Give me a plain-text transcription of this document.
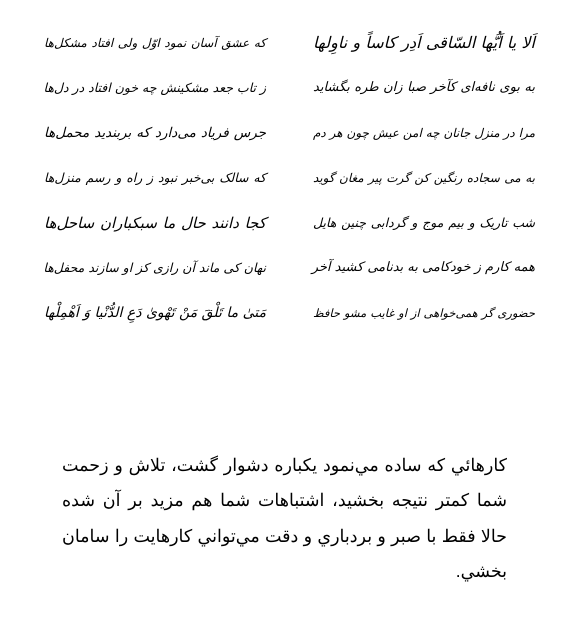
اَلا یا اَیُّها السّاقی اَدِر کاساً و ناوِلها
که عشق آسان نمود اوّل ولی افتاد مشکل‌ها
به بوی نافه‌ای کآخر صبا زان طره بگشاید
ز تاب جعد مشکینش چه خون افتاد در دل‌ها
مرا در منزل جانان چه امن عیش چون هر دم
جرس فریاد می‌دارد که بربندید محمل‌ها
به می سجاده رنگین کن گرت پیر مغان گوید
که سالک بی‌خبر نبود ز راه و رسم منزل‌ها
شب تاریک و بیم موج و گردابی چنین هایل
کجا دانند حال ما سبکباران ساحل‌ها
همه کارم ز خودکامی به بدنامی کشید آخر
نهان کی ماند آن رازی کز او سازند محفل‌ها
حضوری گر همی‌خواهی از او غایب مشو حافظ
مَتیٰ ما تَلْقَ مَنْ تَهْویٰ دَعِ الدُّنْیا وَ اَهْمِلْها

کارهائي که ساده مي‌نمود يکباره دشوار گشت، تلاش و زحمت شما کمتر نتيجه بخشيد، اشتباهات شما هم مزيد بر آن شده حالا فقط با صبر و بردباري و دقت مي‌تواني کارهايت را سامان بخشي.
